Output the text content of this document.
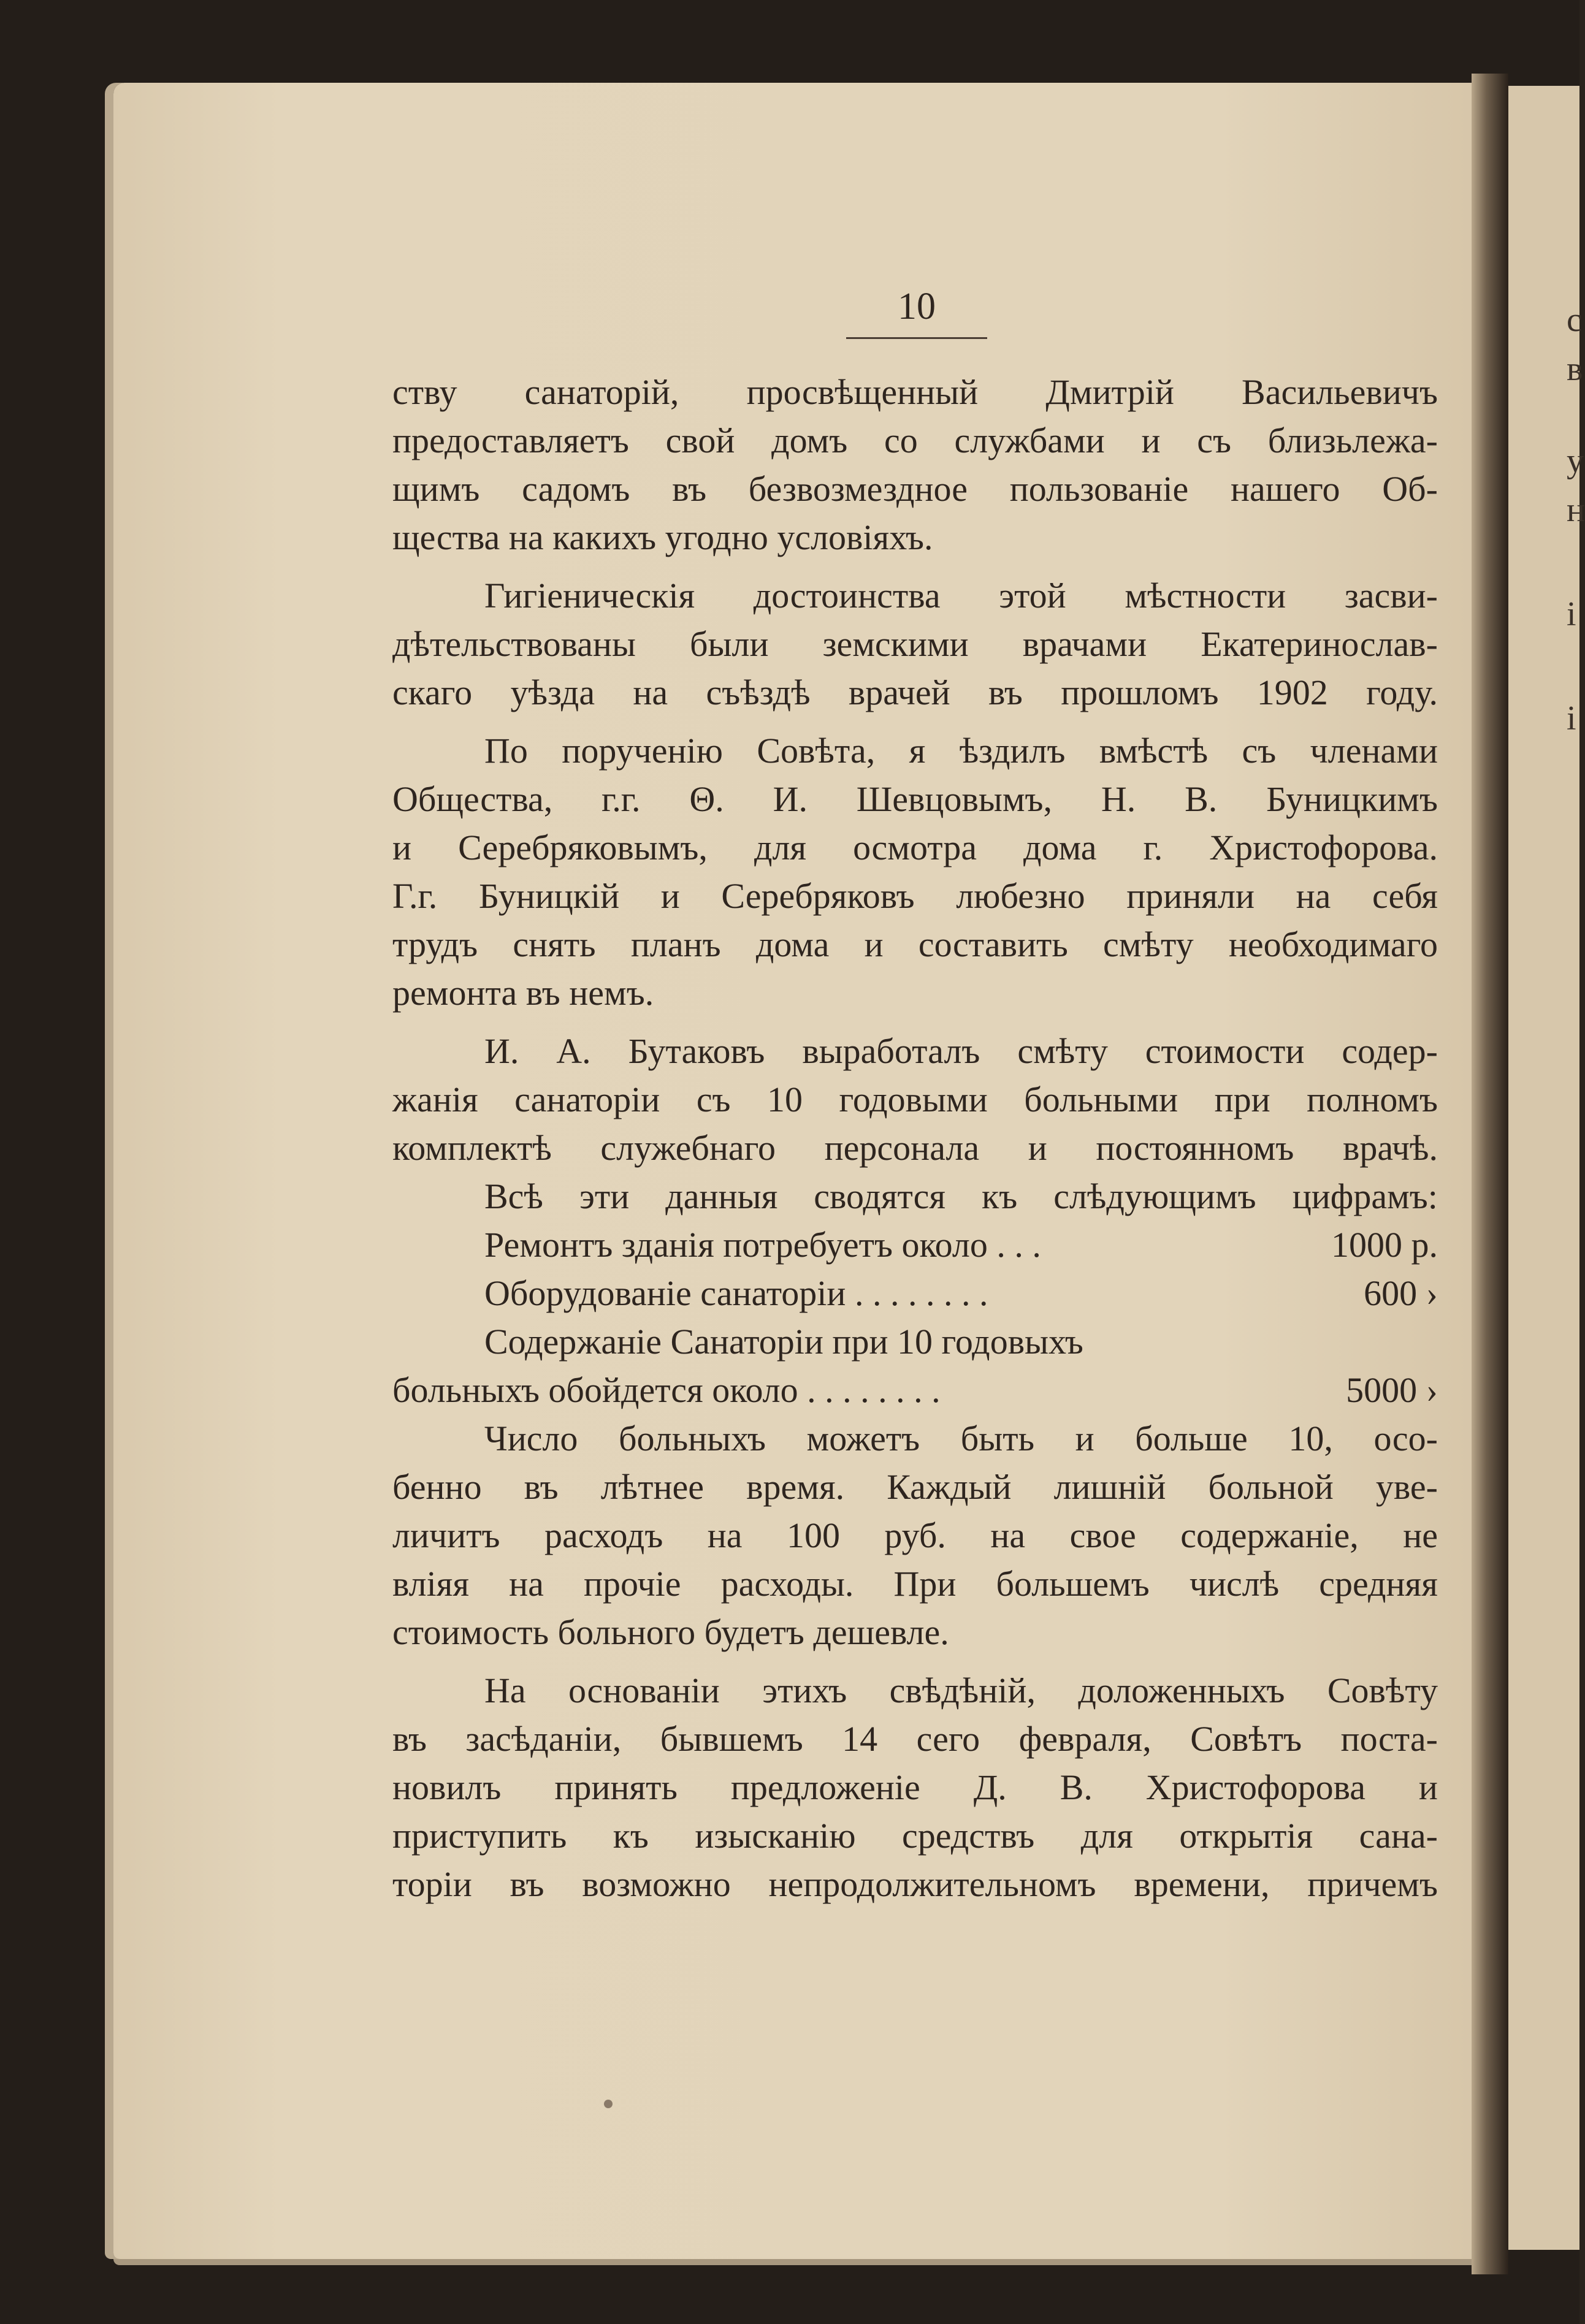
с
в
у
н
і
і
10
ству санаторій, просвѣщенный Дмитрій Васильевичъ
предоставляетъ свой домъ со службами и съ близьлежа-
щимъ садомъ въ безвозмездное пользованіе нашего Об-
щества на какихъ угодно условіяхъ.
Гигіеническія достоинства этой мѣстности засви-
дѣтельствованы были земскими врачами Екатеринослав-
скаго уѣзда на съѣздѣ врачей въ прошломъ 1902 году.
По порученію Совѣта, я ѣздилъ вмѣстѣ съ членами
Общества, г.г. Θ. И. Шевцовымъ, Н. В. Буницкимъ
и Серебряковымъ, для осмотра дома г. Христофорова.
Г.г. Буницкій и Серебряковъ любезно приняли на себя
трудъ снять планъ дома и составить смѣту необходимаго
ремонта въ немъ.
И. А. Бутаковъ выработалъ смѣту стоимости содер-
жанія санаторіи съ 10 годовыми больными при полномъ
комплектѣ служебнаго персонала и постоянномъ врачѣ.
Всѣ эти данныя сводятся къ слѣдующимъ цифрамъ:
Ремонтъ зданія потребуетъ около . . .	1000 р.
Оборудованіе санаторіи . . . . . . . .	600 ›
Содержаніе Санаторіи при 10 годовыхъ
больныхъ обойдется около . . . . . . . .	5000 ›
Число больныхъ можетъ быть и больше 10, осо-
бенно въ лѣтнее время. Каждый лишній больной уве-
личитъ расходъ на 100 руб. на свое содержаніе, не
вліяя на прочіе расходы. При большемъ числѣ средняя
стоимость больного будетъ дешевле.
На основаніи этихъ свѣдѣній, доложенныхъ Совѣту
въ засѣданіи, бывшемъ 14 сего февраля, Совѣтъ поста-
новилъ принять предложеніе Д. В. Христофорова и
приступить къ изысканію средствъ для открытія сана-
торіи въ возможно непродолжительномъ времени, причемъ
